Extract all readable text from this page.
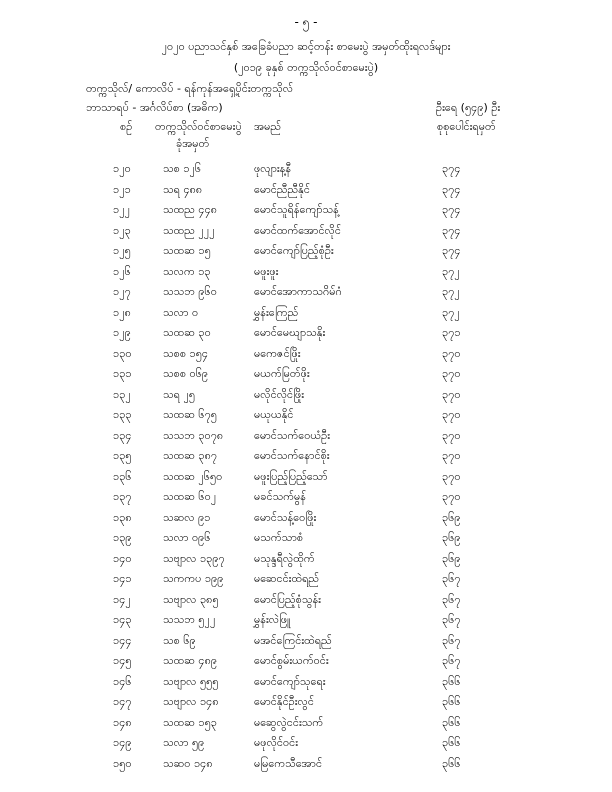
- ၅ -
၂၀၂၀ ပညာသင်နှစ် အခြေခံပညာ ဆင့်တန်း စာမေးပွဲ အမှတ်ထိုးရလဒ်များ
(၂၀၁၉ ခုနှစ် တက္ကသိုလ်ဝင်စာမေးပွဲ)
တက္ကသိုလ်/ ကောလိပ် - ရန်ကုန်အရှေ့ပိုင်းတက္ကသိုလ်
ဘာသာရပ် - အင်္ဂလိပ်စာ (အဓိက)	ဦးရေ (၅၄၉) ဦး
စဉ် တက္ကသိုလ်ဝင်စာမေးပွဲ
ခုံအမှတ်
အမည်	စုစုပေါင်းရမှတ်
၁၂၀	သစ ၁၂၆	ဖုလျားန့နီ	၃၇၄
၁၂၁	သရ ၄၈၈	မောင်ညီညီနိုင်	၃၇၄
၁၂၂	သထည ၄၄၈	မောင်သူရိန်ကျော်သန့်	၃၇၄
၁၂၃	သထည ၂၂၂	မောင်ထက်အောင်လိုင်	၃၇၄
၁၂၅	သထဆ ၁၅	မောင်ကျော်ပြည့်စုံဦး	၃၇၄
၁၂၆	သလက ၁၃	မဖူးဖူး	၃၇၂
၁၂၇	သသဘ ၉၆၀	မောင်အောကာသဂိမ်ဂံ	၃၇၂
၁၂၈	သလာ ၀	မွှန်းကြေည်	၃၇၂
၁၂၉	သထဆ ၃၀	မောင်မေဃျာသနိုး	၃၇၁
၁၃၀	သစစ ၁၅၄	မကေဇင်ဖြိုး	၃၇၀
၁၃၁	သစစ ၀၆၉	မယက်မြတ်ဖိုး	၃၇၀
၁၃၂	သရ ၂၅	မလိုင်လိုင်ဖြိုး	၃၇၀
၁၃၃	သထဆ ၆၇၅	မယုယနိုင်	၃၇၀
၁၃၄	သသဘ ၃၀၇၈	မောင်သက်ဝေယံဦး	၃၇၀
၁၃၅	သထဆ ၃၈၇	မောင်သက်နောင်စိုး	၃၇၀
၁၃၆	သထဆ ၂၆၅၀	မဖူးပြည့်ပြည့်သော်	၃၇၀
၁၃၇	သထဆ ၆၀၂	မခင်သက်မွန်	၃၇၀
၁၃၈	သဆလ ၉၁	မောင်သန့်ဝေဖြိုး	၃၆၉
၁၃၉	သလာ ၀၉၆	မသက်သာစံ	၃၆၉
၁၄၀	သဗျာလ ၁၃၉၇	မသုန္ဒရီလွဲထိုက်	၃၆၉
၁၄၁	သကကပ ၁၉၉	မဆေငင်းထဲရည်	၃၆၇
၁၄၂	သဗျာလ ၃၈၅	မောင်ပြည့်စုံသွန်း	၃၆၇
၁၄၃	သသဘ ၅၂၂	မွှန်းလဲဖြူ	၃၆၇
၁၄၄	သစ ၆၉	မအင်ကြေင်းထဲရည်	၃၆၇
၁၄၅	သထဆ ၄၈၉	မောင်စွမ်းယက်ဝင်း	၃၆၇
၁၄၆	သဗျာလ ၅၅၅	မောင်ကျော်သုရေး	၃၆၆
၁၄၇	သဗျာလ ၁၄၈	မောင်နိုင်ဦးလွင်	၃၆၆
၁၄၈	သထဆ ၁၅၃	မဆွေလွဲငင်းသက်	၃၆၆
၁၄၉	သလာ ၅၉	မဖုလိုင်ဝင်း	၃၆၆
၁၅၀	သဆ၀ ၁၄၈	မမြကေသီအောင်	၃၆၆
